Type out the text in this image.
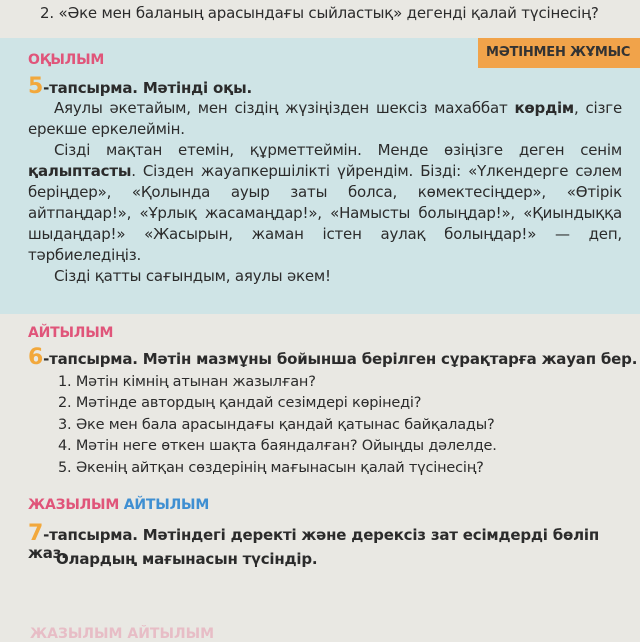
2. «Әке мен баланың арасындағы сыйластық» дегенді қалай түсінесің?
ОҚЫЛЫМ	МӘТІНМЕН ЖҰМЫС
5-тапсырма. Мәтінді оқы.

Аяулы әкетайым, мен сіздің жүзіңізден шексіз махаббат көрдім, сізге ерекше еркелеймін.

Сізді мақтан етемін, құрметтеймін. Менде өзіңізге деген сенім қалыптасты. Сізден жауапкершілікті үйрендім. Бізді: «Үлкендерге сәлем беріңдер», «Қолында ауыр заты болса, көмектесіңдер», «Өтірік айтпаңдар!», «Ұрлық жасамаңдар!», «Намысты болыңдар!», «Қиындыққа шыдаңдар!» «Жасырын, жаман істен аулақ болыңдар!» — деп, тәрбиеледіңіз.

Сізді қатты сағындым, аяулы әкем!

АЙТЫЛЫМ
6-тапсырма. Мәтін мазмұны бойынша берілген сұрақтарға жауап бер.
1. Мәтін кімнің атынан жазылған?
2. Мәтінде автордың қандай сезімдері көрінеді?
3. Әке мен бала арасындағы қандай қатынас байқалады?
4. Мәтін неге өткен шақта баяндалған? Ойыңды дәлелде.
5. Әкенің айтқан сөздерінің мағынасын қалай түсінесің?
ЖАЗЫЛЫМ АЙТЫЛЫМ
7-тапсырма. Мәтіндегі деректі және дерексіз зат есімдерді бөліп жаз.
Олардың мағынасын түсіндір.
ЖАЗЫЛЫМ АЙТЫЛЫМ
